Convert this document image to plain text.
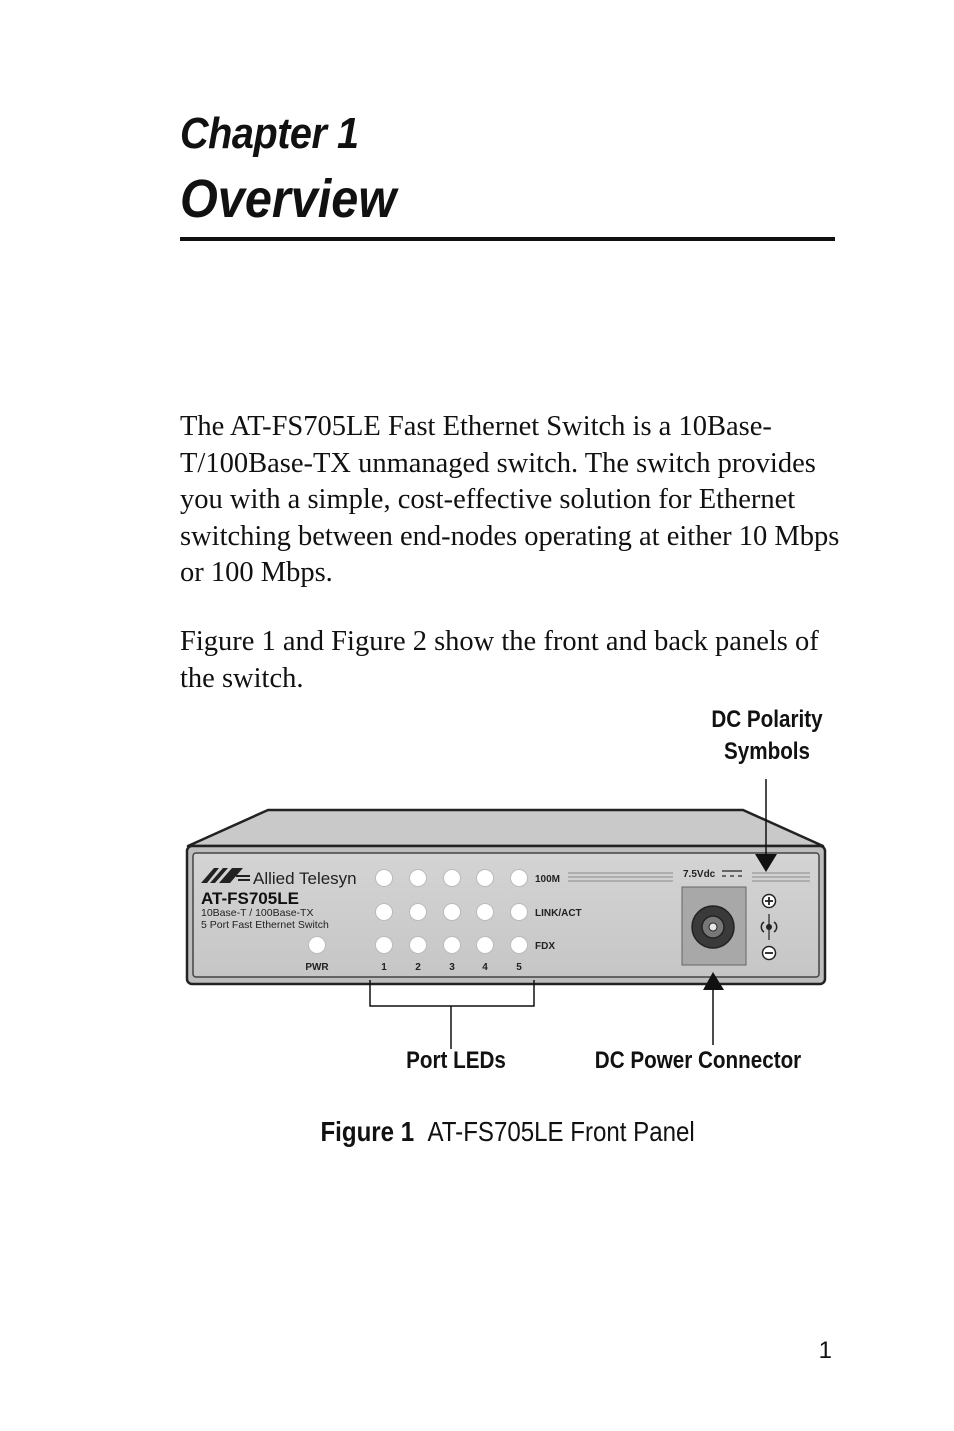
Chapter 1
Overview

The AT-FS705LE Fast Ethernet Switch is a 10Base-T/100Base-TX unmanaged switch. The switch provides you with a simple, cost-effective solution for Ethernet switching between end-nodes operating at either 10 Mbps or 100 Mbps.

Figure 1 and Figure 2 show the front and back panels of the switch.

DC Polarity
Symbols
Allied Telesyn
AT-FS705LE
10Base-T / 100Base-TX
5 Port Fast Ethernet Switch
PWR
100M
LINK/ACT
FDX
1	2	3	4	5
7.5Vdc
Port LEDs	DC Power Connector

Figure 1 AT-FS705LE Front Panel

1
